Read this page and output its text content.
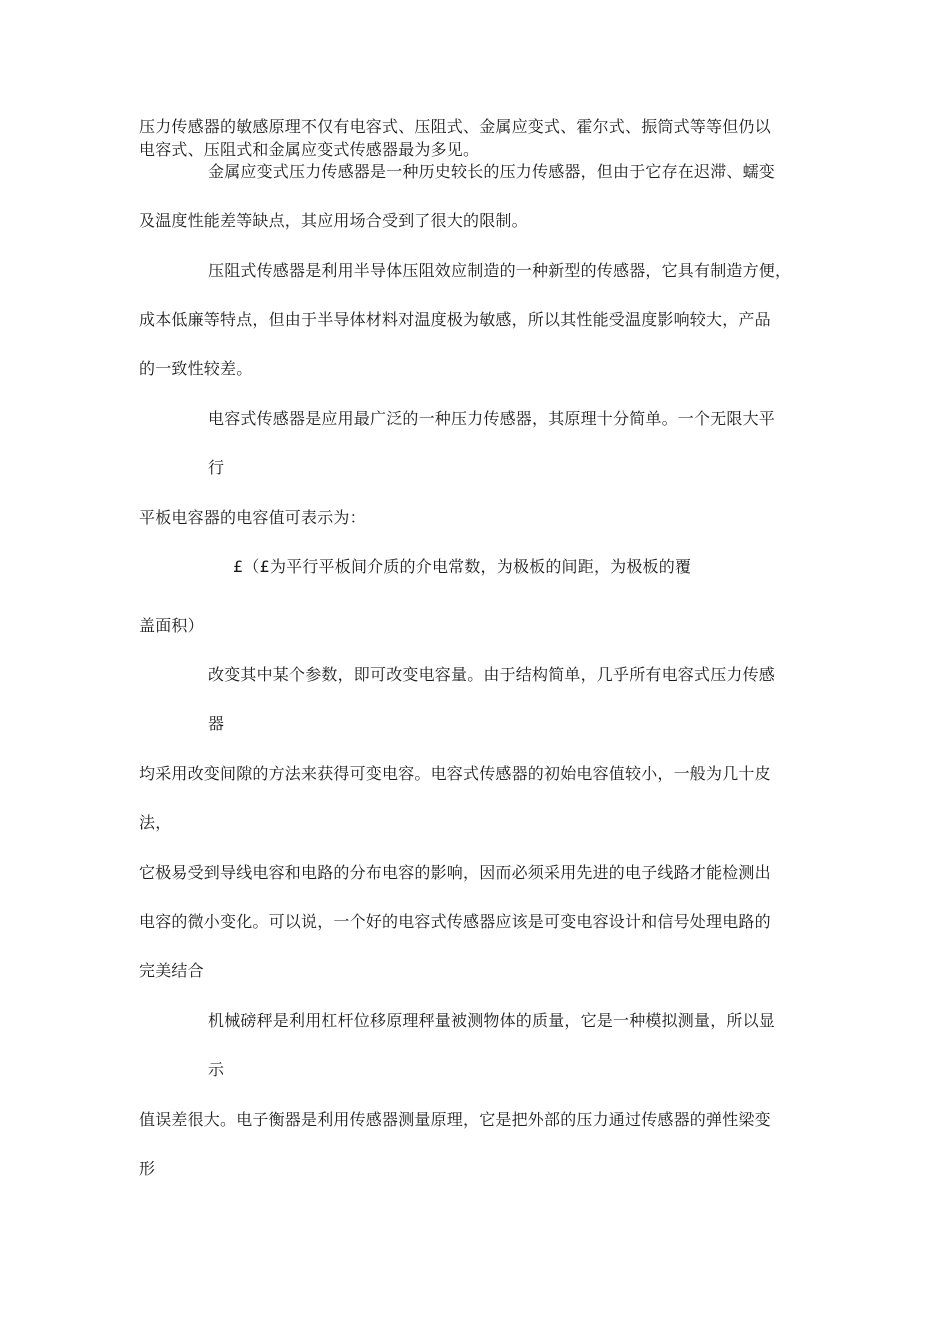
压力传感器的敏感原理不仅有电容式、压阻式、金属应变式、霍尔式、振筒式等等但仍以
电容式、压阻式和金属应变式传感器最为多见。
金属应变式压力传感器是一种历史较长的压力传感器，但由于它存在迟滞、蠕变
及温度性能差等缺点，其应用场合受到了很大的限制。
压阻式传感器是利用半导体压阻效应制造的一种新型的传感器，它具有制造方便，
成本低廉等特点，但由于半导体材料对温度极为敏感，所以其性能受温度影响较大，产品
的一致性较差。
电容式传感器是应用最广泛的一种压力传感器，其原理十分简单。一个无限大平
行
平板电容器的电容值可表示为：
£（£为平行平板间介质的介电常数，为极板的间距，为极板的覆
盖面积）
改变其中某个参数，即可改变电容量。由于结构简单，几乎所有电容式压力传感
器
均采用改变间隙的方法来获得可变电容。电容式传感器的初始电容值较小，一般为几十皮
法，
它极易受到导线电容和电路的分布电容的影响，因而必须采用先进的电子线路才能检测出
电容的微小变化。可以说，一个好的电容式传感器应该是可变电容设计和信号处理电路的
完美结合
机械磅秤是利用杠杆位移原理秤量被测物体的质量，它是一种模拟测量，所以显
示
值误差很大。电子衡器是利用传感器测量原理，它是把外部的压力通过传感器的弹性梁变
形
